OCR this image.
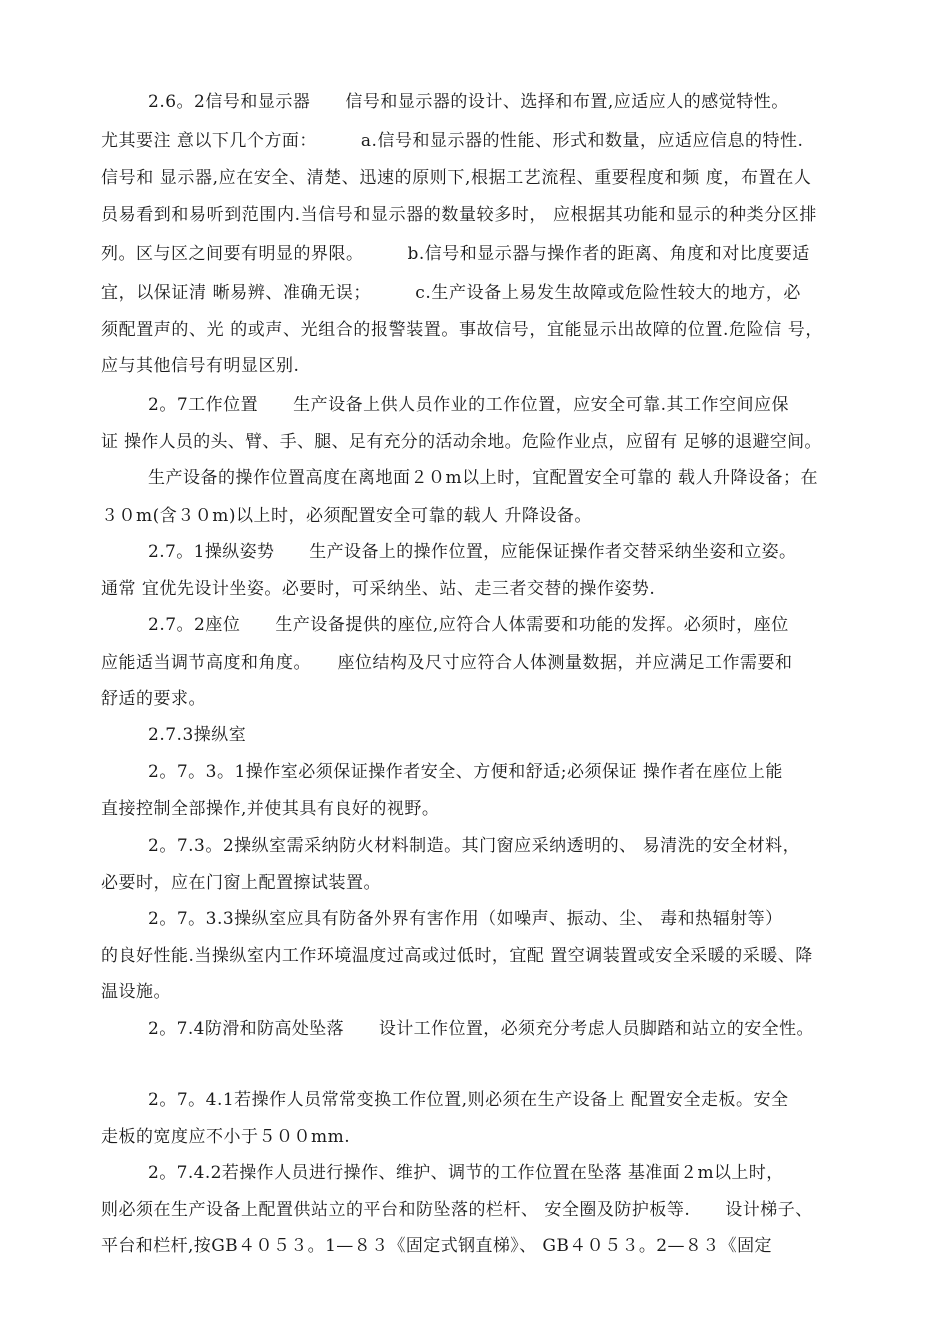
2.6。2信号和显示器　　信号和显示器的设计、选择和布置,应适应人的感觉特性。
尤其要注 意以下几个方面：　　　a.信号和显示器的性能、形式和数量，应适应信息的特性.
信号和 显示器,应在安全、清楚、迅速的原则下,根据工艺流程、重要程度和频 度，布置在人
员易看到和易听到范围内.当信号和显示器的数量较多时， 应根据其功能和显示的种类分区排
列。区与区之间要有明显的界限。　　　b.信号和显示器与操作者的距离、角度和对比度要适
宜，以保证清 晰易辨、准确无误；　　　c.生产设备上易发生故障或危险性较大的地方，必
须配置声的、光 的或声、光组合的报警装置。事故信号，宜能显示出故障的位置.危险信 号，
应与其他信号有明显区别.
2。7工作位置　　生产设备上供人员作业的工作位置，应安全可靠.其工作空间应保
证 操作人员的头、臂、手、腿、足有充分的活动余地。危险作业点，应留有 足够的退避空间。
生产设备的操作位置高度在离地面２０m以上时，宜配置安全可靠的 载人升降设备；在
３０m(含３０m)以上时，必须配置安全可靠的载人 升降设备。
2.7。1操纵姿势　　生产设备上的操作位置，应能保证操作者交替采纳坐姿和立姿。
通常 宜优先设计坐姿。必要时，可采纳坐、站、走三者交替的操作姿势.
2.7。2座位　　生产设备提供的座位,应符合人体需要和功能的发挥。必须时，座位
应能适当调节高度和角度。　　座位结构及尺寸应符合人体测量数据，并应满足工作需要和
舒适的要求。
2.7.3操纵室
2。7。3。1操作室必须保证操作者安全、方便和舒适;必须保证 操作者在座位上能
直接控制全部操作,并使其具有良好的视野。
2。7.3。2操纵室需采纳防火材料制造。其门窗应采纳透明的、 易清洗的安全材料，
必要时，应在门窗上配置擦试装置。
2。7。3.3操纵室应具有防备外界有害作用（如噪声、振动、尘、 毒和热辐射等）
的良好性能.当操纵室内工作环境温度过高或过低时，宜配 置空调装置或安全采暖的采暖、降
温设施。
2。7.4防滑和防高处坠落　　设计工作位置，必须充分考虑人员脚踏和站立的安全性。
2。7。4.1若操作人员常常变换工作位置,则必须在生产设备上 配置安全走板。安全
走板的宽度应不小于５００mm.
2。7.4.2若操作人员进行操作、维护、调节的工作位置在坠落 基准面２m以上时，
则必须在生产设备上配置供站立的平台和防坠落的栏杆、 安全圈及防护板等.　　设计梯子、
平台和栏杆,按GB４０５３。1—８３《固定式钢直梯》、 GB４０５３。2—８３《固定
